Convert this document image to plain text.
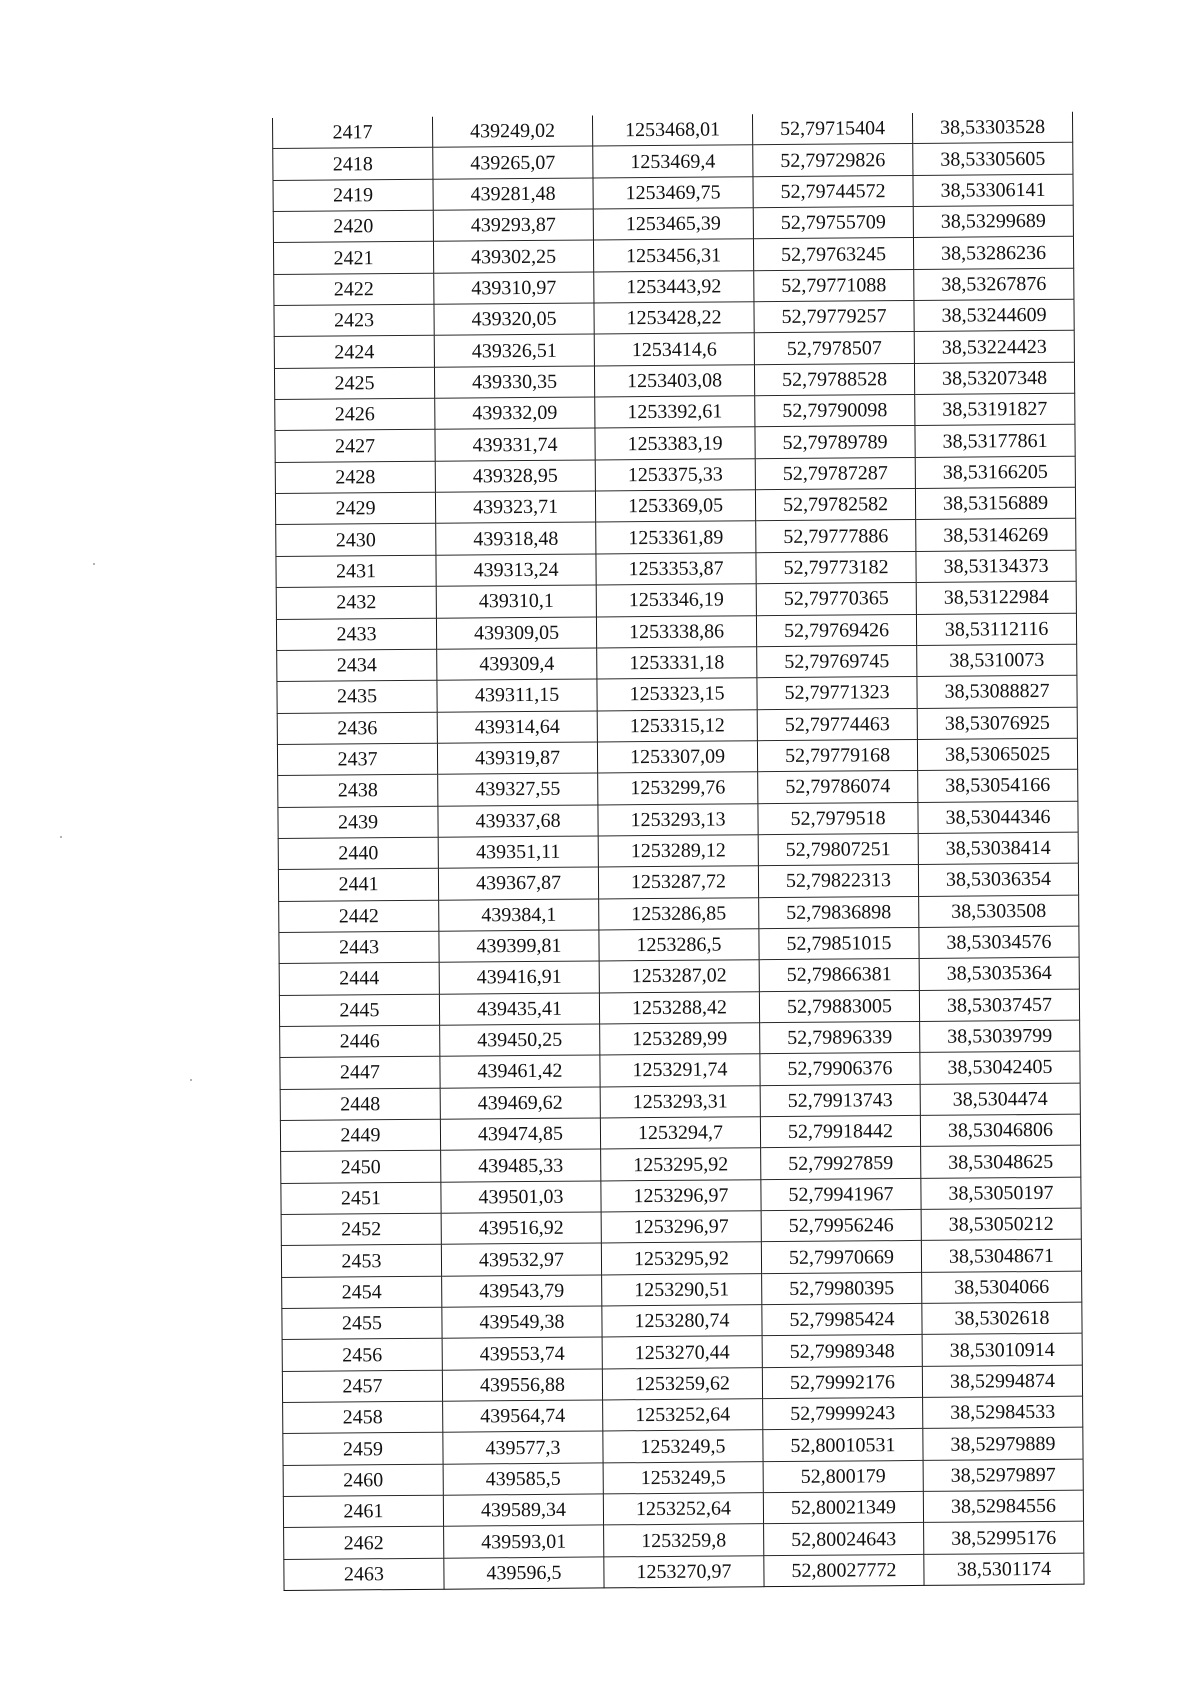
2417	439249,02	1253468,01	52,79715404	38,53303528
2418	439265,07	1253469,4	52,79729826	38,53305605
2419	439281,48	1253469,75	52,79744572	38,53306141
2420	439293,87	1253465,39	52,79755709	38,53299689
2421	439302,25	1253456,31	52,79763245	38,53286236
2422	439310,97	1253443,92	52,79771088	38,53267876
2423	439320,05	1253428,22	52,79779257	38,53244609
2424	439326,51	1253414,6	52,7978507	38,53224423
2425	439330,35	1253403,08	52,79788528	38,53207348
2426	439332,09	1253392,61	52,79790098	38,53191827
2427	439331,74	1253383,19	52,79789789	38,53177861
2428	439328,95	1253375,33	52,79787287	38,53166205
2429	439323,71	1253369,05	52,79782582	38,53156889
2430	439318,48	1253361,89	52,79777886	38,53146269
2431	439313,24	1253353,87	52,79773182	38,53134373
2432	439310,1	1253346,19	52,79770365	38,53122984
2433	439309,05	1253338,86	52,79769426	38,53112116
2434	439309,4	1253331,18	52,79769745	38,5310073
2435	439311,15	1253323,15	52,79771323	38,53088827
2436	439314,64	1253315,12	52,79774463	38,53076925
2437	439319,87	1253307,09	52,79779168	38,53065025
2438	439327,55	1253299,76	52,79786074	38,53054166
2439	439337,68	1253293,13	52,7979518	38,53044346
2440	439351,11	1253289,12	52,79807251	38,53038414
2441	439367,87	1253287,72	52,79822313	38,53036354
2442	439384,1	1253286,85	52,79836898	38,5303508
2443	439399,81	1253286,5	52,79851015	38,53034576
2444	439416,91	1253287,02	52,79866381	38,53035364
2445	439435,41	1253288,42	52,79883005	38,53037457
2446	439450,25	1253289,99	52,79896339	38,53039799
2447	439461,42	1253291,74	52,79906376	38,53042405
2448	439469,62	1253293,31	52,79913743	38,5304474
2449	439474,85	1253294,7	52,79918442	38,53046806
2450	439485,33	1253295,92	52,79927859	38,53048625
2451	439501,03	1253296,97	52,79941967	38,53050197
2452	439516,92	1253296,97	52,79956246	38,53050212
2453	439532,97	1253295,92	52,79970669	38,53048671
2454	439543,79	1253290,51	52,79980395	38,5304066
2455	439549,38	1253280,74	52,79985424	38,5302618
2456	439553,74	1253270,44	52,79989348	38,53010914
2457	439556,88	1253259,62	52,79992176	38,52994874
2458	439564,74	1253252,64	52,79999243	38,52984533
2459	439577,3	1253249,5	52,80010531	38,52979889
2460	439585,5	1253249,5	52,800179	38,52979897
2461	439589,34	1253252,64	52,80021349	38,52984556
2462	439593,01	1253259,8	52,80024643	38,52995176
2463	439596,5	1253270,97	52,80027772	38,5301174
